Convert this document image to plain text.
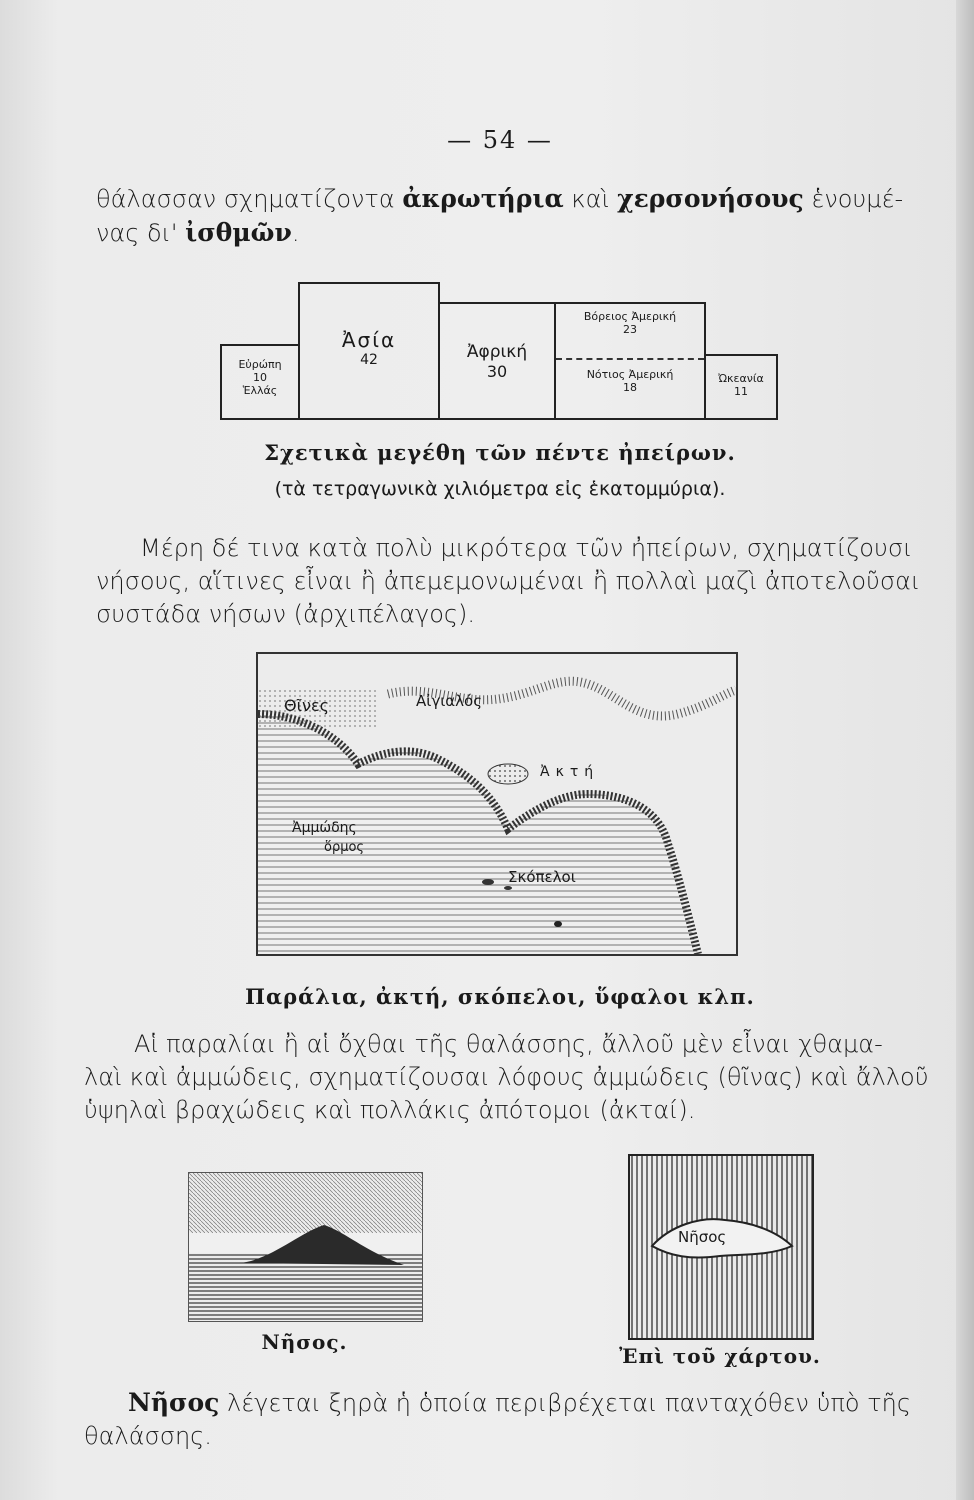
— 54 —

θάλασσαν σχηματίζοντα ἀκρωτήρια καὶ χερσονήσους ἑνουμέ-
νας δι' ἰσθμῶν.

Εὐρώπη
10
Ἑλλάς
Ἀσία
42	Ἀφρική
30
Βόρειος Ἀμερική
23
Νότιος Ἀμερική
18
Ὠκεανία
11
Σχετικὰ μεγέθη τῶν πέντε ἠπείρων.
(τὰ τετραγωνικὰ χιλιόμετρα εἰς ἑκατομμύρια).
Μέρη δέ τινα κατὰ πολὺ μικρότερα τῶν ἠπείρων, σχηματίζουσι
νήσους, αἵτινες εἶναι ἢ ἀπεμεμονωμέναι ἢ πολλαὶ μαζὶ ἀποτελοῦσαι
συστάδα νήσων (ἀρχιπέλαγος).
Θῖνες	Αἰγιαλός
Ἀκτή
Ἀμμώδης
ὅρμος
Σκόπελοι
Παράλια, ἀκτή, σκόπελοι, ὕφαλοι κλπ.
Αἱ παραλίαι ἢ αἱ ὄχθαι τῆς θαλάσσης, ἄλλοῦ μὲν εἶναι χθαμα-
λαὶ καὶ ἀμμώδεις, σχηματίζουσαι λόφους ἀμμώδεις (θῖνας) καὶ ἄλλοῦ
ὑψηλαὶ βραχώδεις καὶ πολλάκις ἀπότομοι (ἀκταί).
Νῆσος.
Νῆσος
Ἐπὶ τοῦ χάρτου.
Νῆσος λέγεται ξηρὰ ἡ ὁποία περιβρέχεται πανταχόθεν ὑπὸ τῆς
θαλάσσης.
